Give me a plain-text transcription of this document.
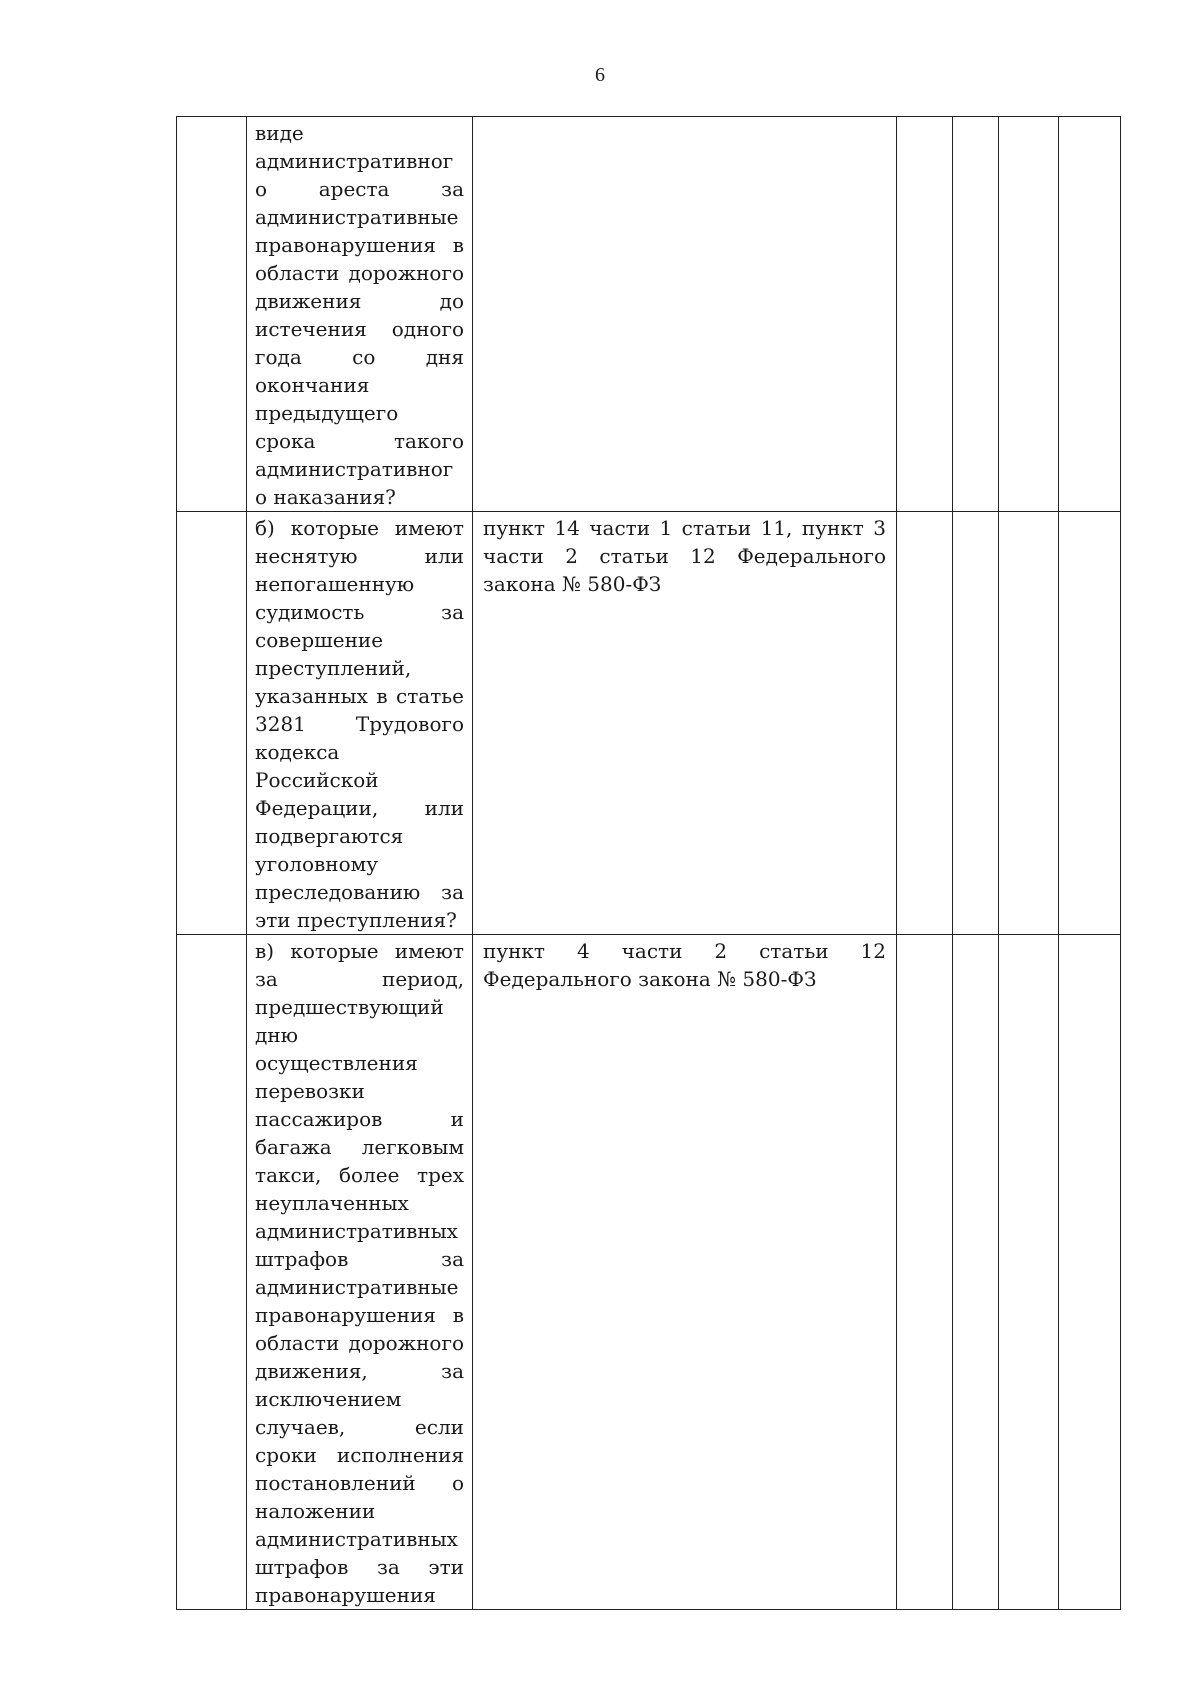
6
	виде административного ареста за административные правонарушения в области дорожного движения до истечения одного года со дня окончания предыдущего срока такого административного наказания?					
	б) которые имеют неснятую или непогашенную судимость за совершение преступлений, указанных в статье 3281 Трудового кодекса Российской Федерации, или подвергаются уголовному преследованию за эти преступления?	пункт 14 части 1 статьи 11, пункт 3 части 2 статьи 12 Федерального закона № 580-ФЗ				
	в) которые имеют за период, предшествующий дню осуществления перевозки пассажиров и багажа легковым такси, более трех неуплаченных административных штрафов за административные правонарушения в области дорожного движения, за исключением случаев, если сроки исполнения постановлений о наложении административных штрафов за эти правонарушения	пункт 4 части 2 статьи 12 Федерального закона № 580-ФЗ				
